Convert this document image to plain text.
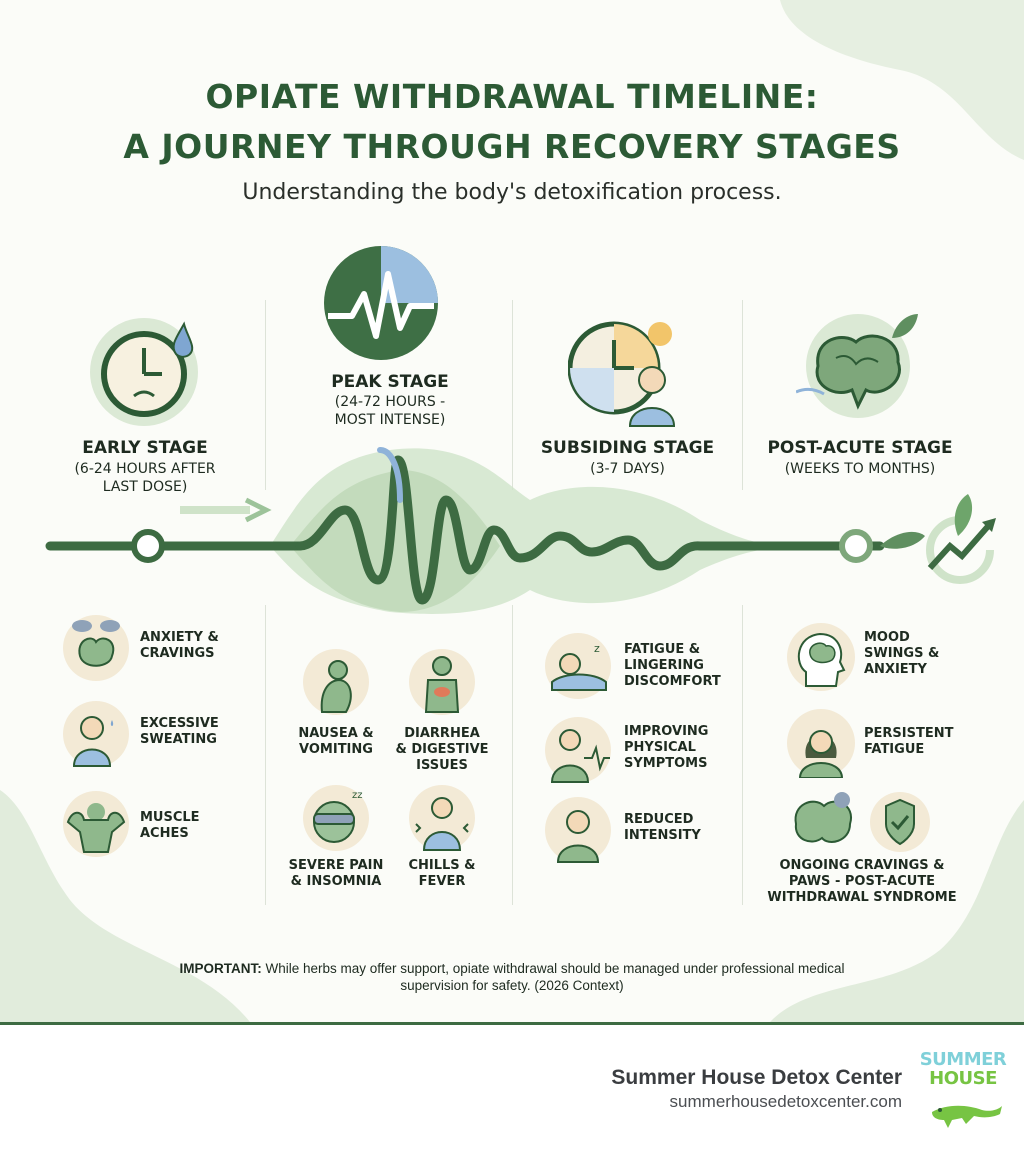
OPIATE WITHDRAWAL TIMELINE:
A JOURNEY THROUGH RECOVERY STAGES
Understanding the body's detoxification process.
EARLY STAGE
(6-24 HOURS AFTER
LAST DOSE)
PEAK STAGE
(24-72 HOURS -
MOST INTENSE)
SUBSIDING STAGE
(3-7 DAYS)
POST-ACUTE STAGE
(WEEKS TO MONTHS)
ANXIETY &
CRAVINGS
EXCESSIVE
SWEATING
MUSCLE
ACHES
NAUSEA &
VOMITING
DIARRHEA
& DIGESTIVE
ISSUES
zz
SEVERE PAIN
& INSOMNIA
CHILLS &
FEVER
z FATIGUE &
LINGERING
DISCOMFORT
IMPROVING
PHYSICAL
SYMPTOMS
REDUCED
INTENSITY
MOOD
SWINGS &
ANXIETY
PERSISTENT
FATIGUE
ONGOING CRAVINGS &
PAWS - POST-ACUTE
WITHDRAWAL SYNDROME
IMPORTANT: While herbs may offer support, opiate withdrawal should be managed under professional medical supervision for safety. (2026 Context)
Summer House Detox Center
summerhousedetoxcenter.com
SUMMER
HOUSE
